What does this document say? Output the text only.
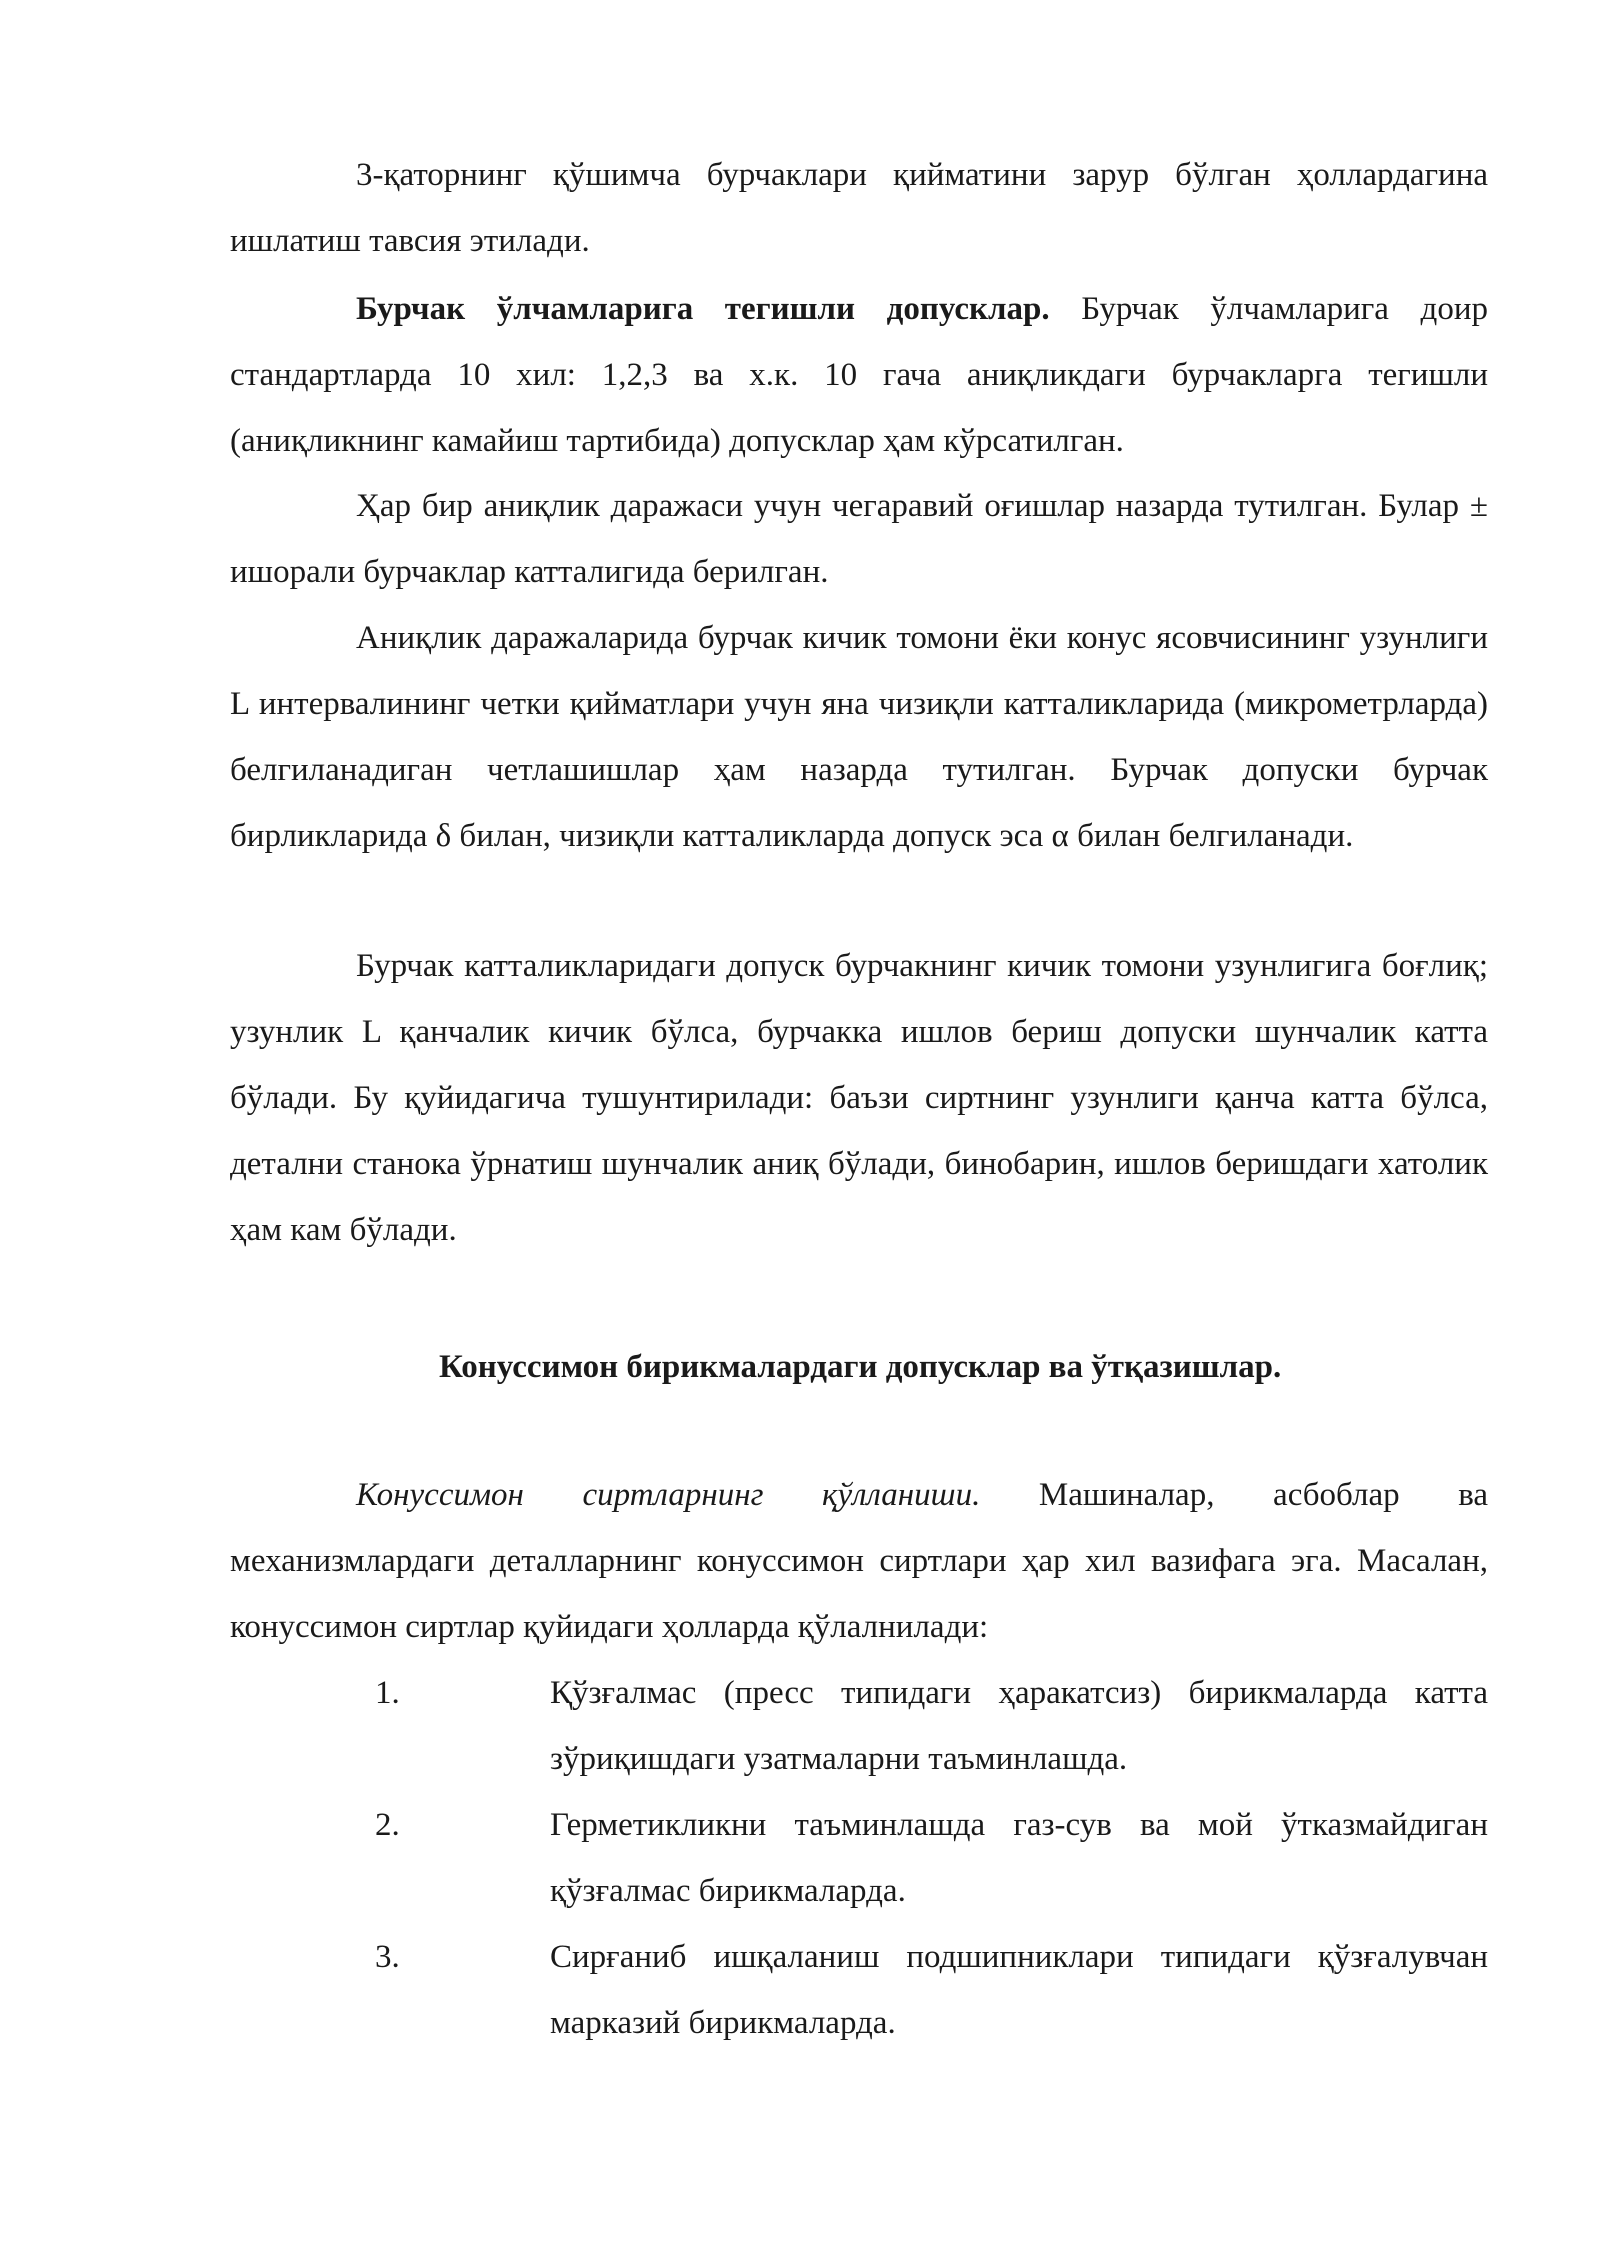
3-қаторнинг қўшимча бурчаклари қийматини зарур бўлган ҳоллардагина ишлатиш тавсия этилади.

Бурчак ўлчамларига тегишли допусклар. Бурчак ўлчамларига доир стандартларда 10 хил: 1,2,3 ва х.к. 10 гача аниқликдаги бурчакларга тегишли (аниқликнинг камайиш тартибида) допусклар ҳам кўрсатилган.

Ҳар бир аниқлик даражаси учун чегаравий оғишлар назарда тутилган. Булар ± ишорали бурчаклар катталигида берилган.

Аниқлик даражаларида бурчак кичик томони ёки конус ясовчисининг узунлиги L интервалининг четки қийматлари учун яна чизиқли катталикларида (микрометрларда) белгиланадиган четлашишлар ҳам назарда тутилган. Бурчак допуски бурчак бирликларида δ билан, чизиқли катталикларда допуск эса α билан белгиланади.

Бурчак катталикларидаги допуск бурчакнинг кичик томони узунлигига боғлиқ; узунлик L қанчалик кичик бўлса, бурчакка ишлов бериш допуски шунчалик катта бўлади. Бу қуйидагича тушунтирилади: баъзи сиртнинг узунлиги қанча катта бўлса, детални станока ўрнатиш шунчалик аниқ бўлади, бинобарин, ишлов беришдаги хатолик ҳам кам бўлади.

Конуссимон бирикмалардаги допусклар ва ўтқазишлар.

Конуссимон сиртларнинг қўлланиши. Машиналар, асбоблар ва механизмлардаги деталларнинг конуссимон сиртлари ҳар хил вазифага эга. Масалан, конуссимон сиртлар қуйидаги ҳолларда қўлалнилади:

1.	Қўзғалмас (пресс типидаги ҳаракатсиз) бирикмаларда катта зўриқишдаги узатмаларни таъминлашда.
2.	Герметикликни таъминлашда газ-сув ва мой ўтказмайдиган қўзғалмас бирикмаларда.
3.	Сирғаниб ишқаланиш подшипниклари типидаги қўзғалувчан марказий бирикмаларда.
